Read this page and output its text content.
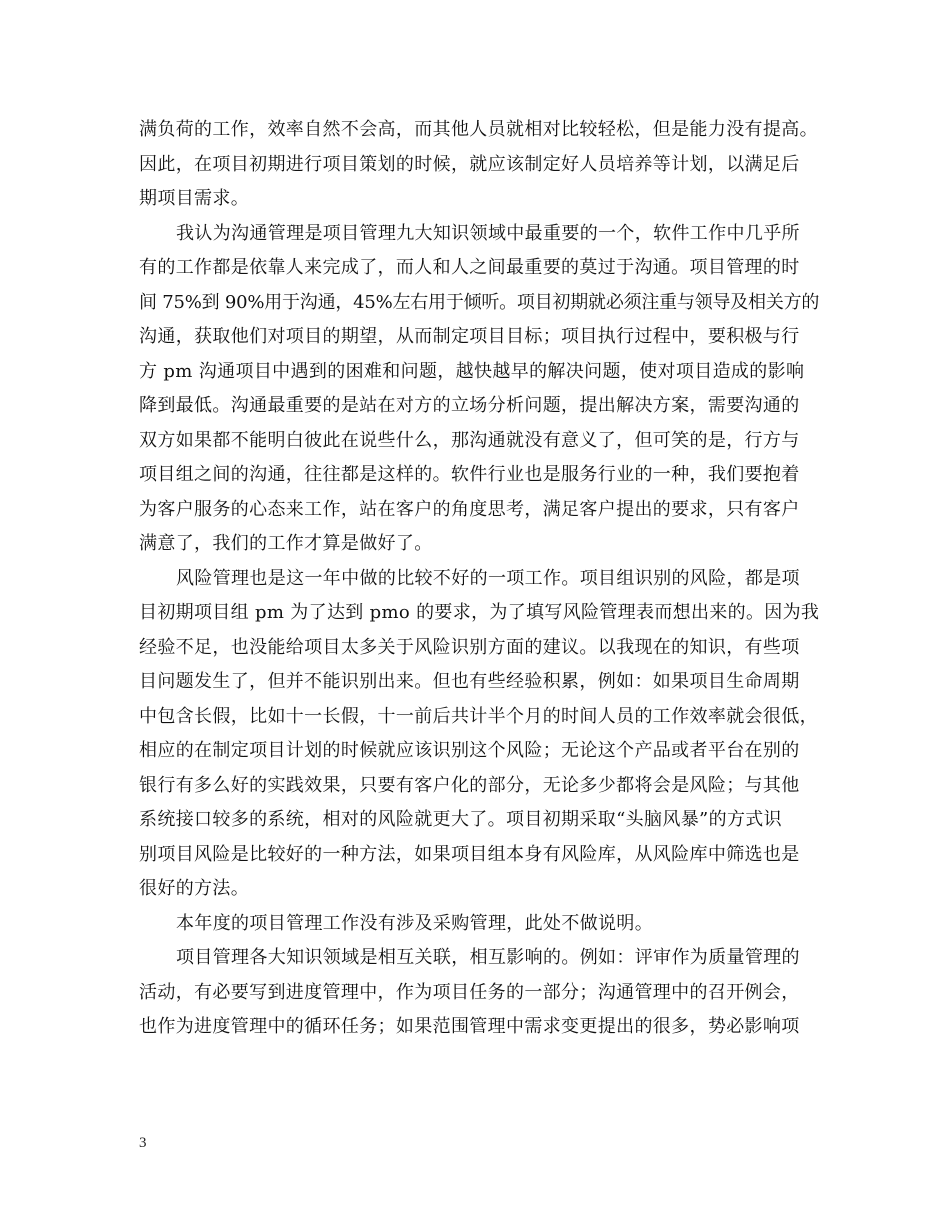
满负荷的工作，效率自然不会高，而其他人员就相对比较轻松，但是能力没有提高。
因此，在项目初期进行项目策划的时候，就应该制定好人员培养等计划，以满足后
期项目需求。
我认为沟通管理是项目管理九大知识领域中最重要的一个，软件工作中几乎所
有的工作都是依靠人来完成了，而人和人之间最重要的莫过于沟通。项目管理的时
间 75%到 90%用于沟通，45%左右用于倾听。项目初期就必须注重与领导及相关方的
沟通，获取他们对项目的期望，从而制定项目目标；项目执行过程中，要积极与行
方 pm 沟通项目中遇到的困难和问题，越快越早的解决问题，使对项目造成的影响
降到最低。沟通最重要的是站在对方的立场分析问题，提出解决方案，需要沟通的
双方如果都不能明白彼此在说些什么，那沟通就没有意义了，但可笑的是，行方与
项目组之间的沟通，往往都是这样的。软件行业也是服务行业的一种，我们要抱着
为客户服务的心态来工作，站在客户的角度思考，满足客户提出的要求，只有客户
满意了，我们的工作才算是做好了。
风险管理也是这一年中做的比较不好的一项工作。项目组识别的风险，都是项
目初期项目组 pm 为了达到 pmo 的要求，为了填写风险管理表而想出来的。因为我
经验不足，也没能给项目太多关于风险识别方面的建议。以我现在的知识，有些项
目问题发生了，但并不能识别出来。但也有些经验积累，例如：如果项目生命周期
中包含长假，比如十一长假，十一前后共计半个月的时间人员的工作效率就会很低，
相应的在制定项目计划的时候就应该识别这个风险；无论这个产品或者平台在别的
银行有多么好的实践效果，只要有客户化的部分，无论多少都将会是风险；与其他
系统接口较多的系统，相对的风险就更大了。项目初期采取“头脑风暴”的方式识
别项目风险是比较好的一种方法，如果项目组本身有风险库，从风险库中筛选也是
很好的方法。
本年度的项目管理工作没有涉及采购管理，此处不做说明。
项目管理各大知识领域是相互关联，相互影响的。例如：评审作为质量管理的
活动，有必要写到进度管理中，作为项目任务的一部分；沟通管理中的召开例会，
也作为进度管理中的循环任务；如果范围管理中需求变更提出的很多，势必影响项
3
